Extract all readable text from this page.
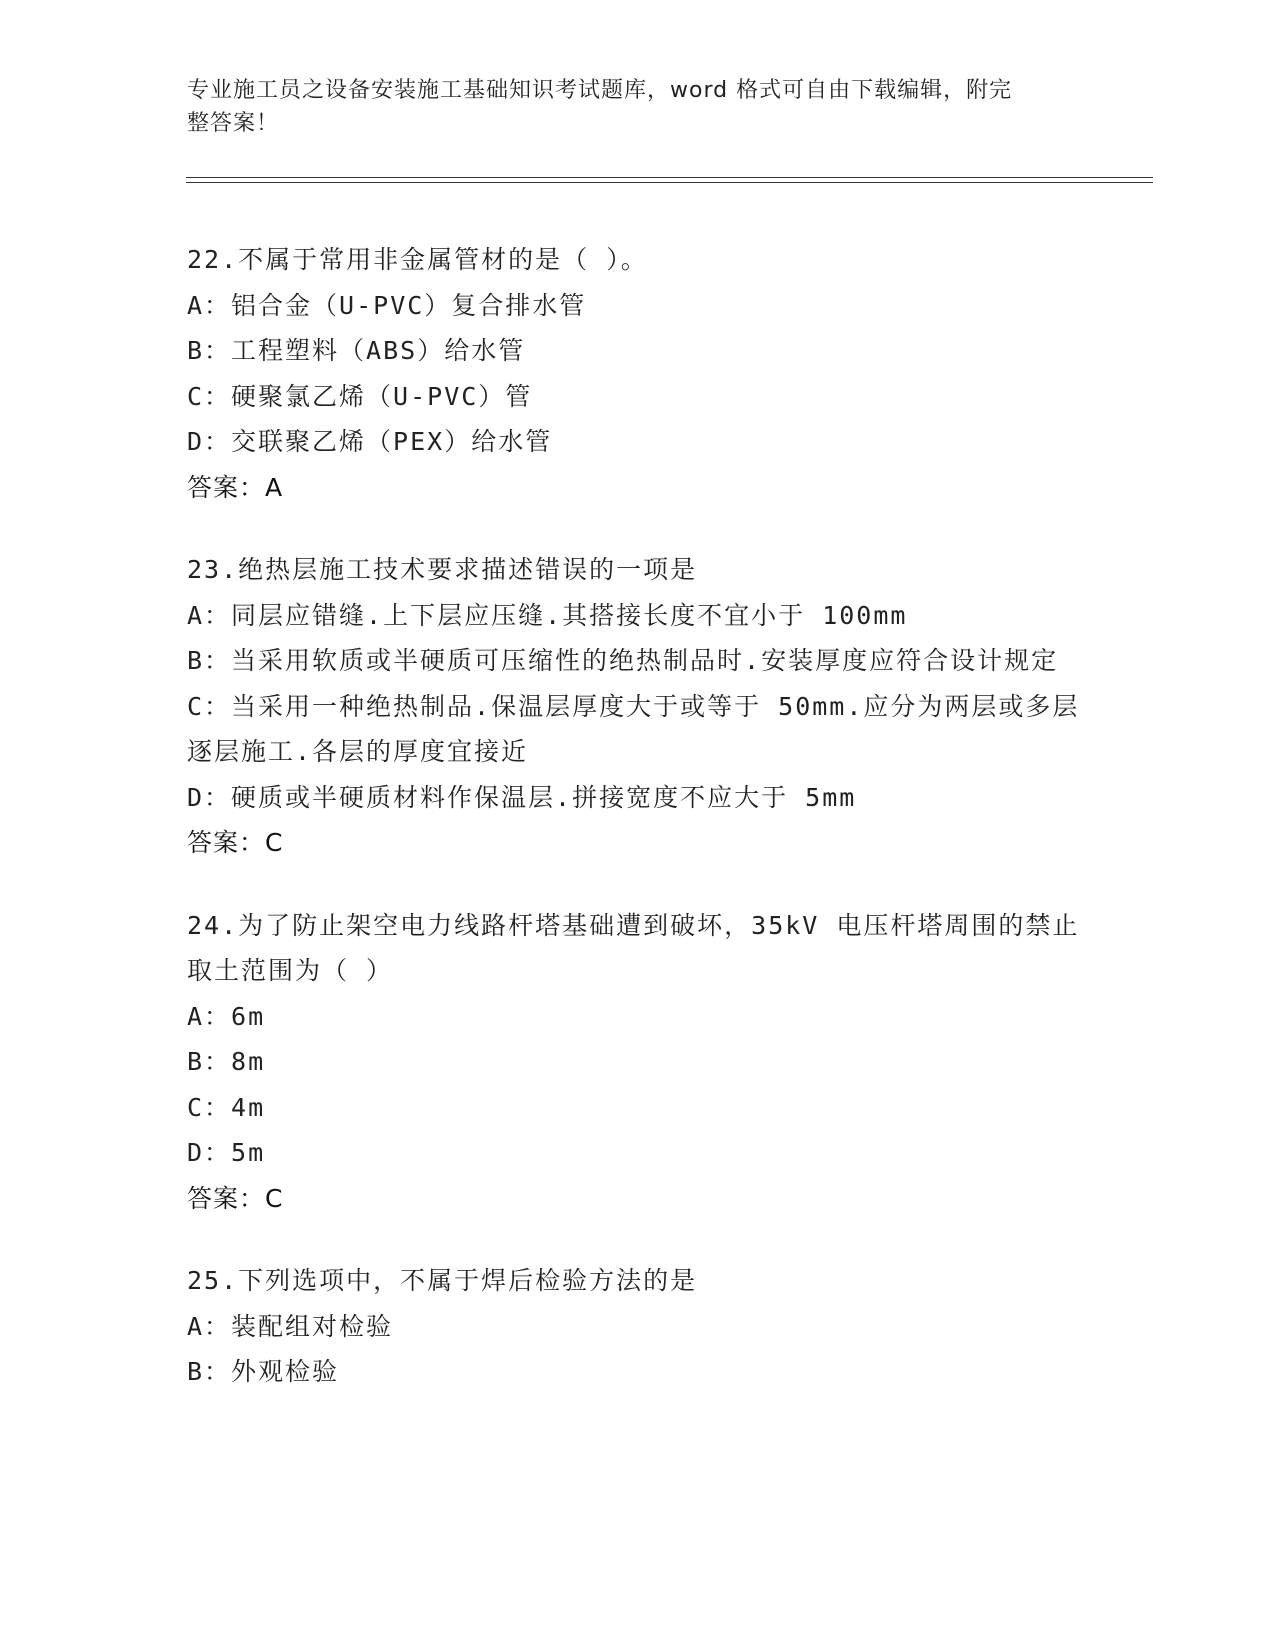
专业施工员之设备安装施工基础知识考试题库，word 格式可自由下载编辑，附完
整答案！
22.不属于常用非金属管材的是（ ）。
A：铝合金（U-PVC）复合排水管
B：工程塑料（ABS）给水管
C：硬聚氯乙烯（U-PVC）管
D：交联聚乙烯（PEX）给水管
答案：A
23.绝热层施工技术要求描述错误的一项是
A：同层应错缝.上下层应压缝.其搭接长度不宜小于 100mm
B：当采用软质或半硬质可压缩性的绝热制品时.安装厚度应符合设计规定
C：当采用一种绝热制品.保温层厚度大于或等于 50mm.应分为两层或多层逐层施工.各层的厚度宜接近
D：硬质或半硬质材料作保温层.拼接宽度不应大于 5mm
答案：C
24.为了防止架空电力线路杆塔基础遭到破坏，35kV 电压杆塔周围的禁止取土范围为（ ）
A：6m
B：8m
C：4m
D：5m
答案：C
25.下列选项中，不属于焊后检验方法的是
A：装配组对检验
B：外观检验
